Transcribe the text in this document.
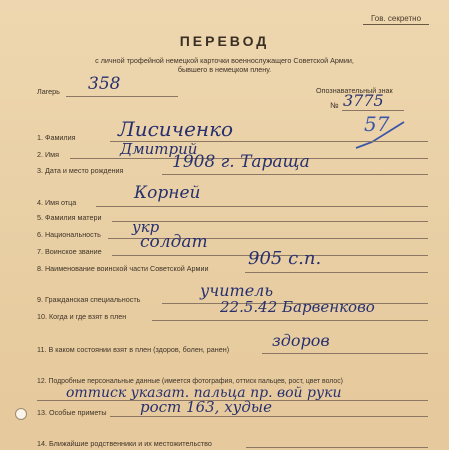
Гов. секретно
ПЕРЕВОД
с личной трофейной немецкой карточки военнослужащего Советской Армии,
бывшего в немецком плену.
Лагерь 358	Опознавательный знак
№ 3775
57
1. Фамилия Лисиченко
2. Имя	Дмитрий
3. Дата и место рождения	1908 г. Тараща
4. Имя отца	Корней
5. Фамилия матери
6. Национальность укр
7. Воинское звание солдат
8. Наименование воинской части Советской Армии 905 с.п.
9. Гражданская специальность	учитель
10. Когда и где взят в плен
22.5.42 Барвенково
11. В каком состоянии взят в плен (здоров, болен, ранен)	здоров
12. Подробные персональные данные (имеется фотография, оттиск пальцев, рост, цвет волос)
оттиск указат. пальца пр. вой руки
13. Особые приметы рост 163, худые
14. Ближайшие родственники и их местожительство
